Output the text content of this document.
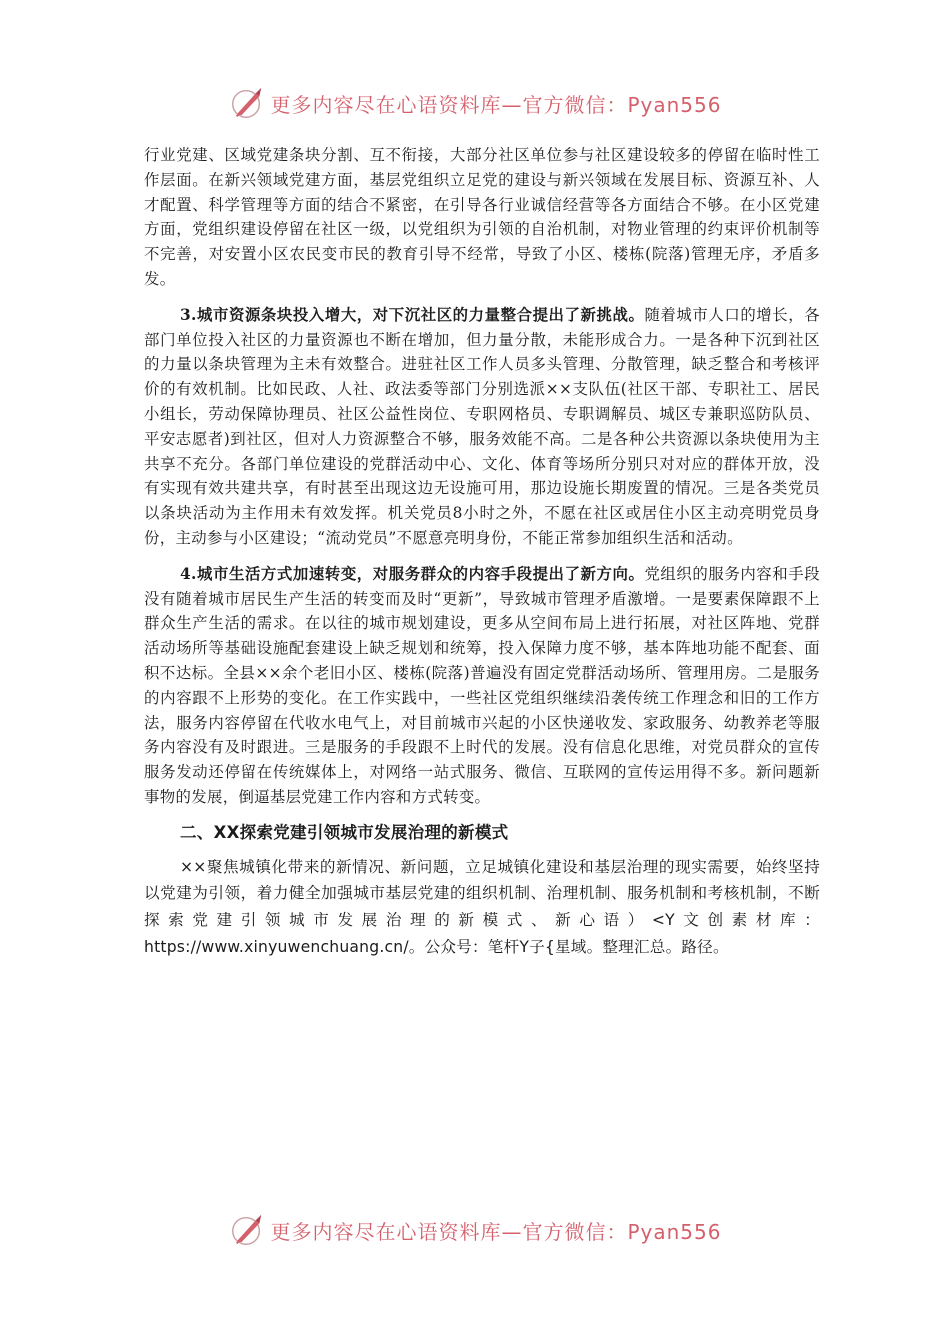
更多内容尽在心语资料库—官方微信：Pyan556

行业党建、区域党建条块分割、互不衔接，大部分社区单位参与社区建设较多的停留在临时性工作层面。在新兴领域党建方面，基层党组织立足党的建设与新兴领域在发展目标、资源互补、人才配置、科学管理等方面的结合不紧密，在引导各行业诚信经营等各方面结合不够。在小区党建方面，党组织建设停留在社区一级，以党组织为引领的自治机制，对物业管理的约束评价机制等不完善，对安置小区农民变市民的教育引导不经常，导致了小区、楼栋(院落)管理无序，矛盾多发。

3.城市资源条块投入增大，对下沉社区的力量整合提出了新挑战。随着城市人口的增长，各部门单位投入社区的力量资源也不断在增加，但力量分散，未能形成合力。一是各种下沉到社区的力量以条块管理为主未有效整合。进驻社区工作人员多头管理、分散管理，缺乏整合和考核评价的有效机制。比如民政、人社、政法委等部门分别选派××支队伍(社区干部、专职社工、居民小组长，劳动保障协理员、社区公益性岗位、专职网格员、专职调解员、城区专兼职巡防队员、平安志愿者)到社区，但对人力资源整合不够，服务效能不高。二是各种公共资源以条块使用为主共享不充分。各部门单位建设的党群活动中心、文化、体育等场所分别只对对应的群体开放，没有实现有效共建共享，有时甚至出现这边无设施可用，那边设施长期废置的情况。三是各类党员以条块活动为主作用未有效发挥。机关党员8小时之外，不愿在社区或居住小区主动亮明党员身份，主动参与小区建设；“流动党员”不愿意亮明身份，不能正常参加组织生活和活动。

4.城市生活方式加速转变，对服务群众的内容手段提出了新方向。党组织的服务内容和手段没有随着城市居民生产生活的转变而及时“更新”，导致城市管理矛盾激增。一是要素保障跟不上群众生产生活的需求。在以往的城市规划建设，更多从空间布局上进行拓展，对社区阵地、党群活动场所等基础设施配套建设上缺乏规划和统筹，投入保障力度不够，基本阵地功能不配套、面积不达标。全县××余个老旧小区、楼栋(院落)普遍没有固定党群活动场所、管理用房。二是服务的内容跟不上形势的变化。在工作实践中，一些社区党组织继续沿袭传统工作理念和旧的工作方法，服务内容停留在代收水电气上，对目前城市兴起的小区快递收发、家政服务、幼教养老等服务内容没有及时跟进。三是服务的手段跟不上时代的发展。没有信息化思维，对党员群众的宣传服务发动还停留在传统媒体上，对网络一站式服务、微信、互联网的宣传运用得不多。新问题新事物的发展，倒逼基层党建工作内容和方式转变。

二、XX探索党建引领城市发展治理的新模式

××聚焦城镇化带来的新情况、新问题，立足城镇化建设和基层治理的现实需要，始终坚持以党建为引领，着力健全加强城市基层党建的组织机制、治理机制、服务机制和考核机制，不断探索党建引领城市发展治理的新模式、新心语）<Y文创素材库：https://www.xinyuwenchuang.cn/。公众号：笔杆Y子{星域。整理汇总。路径。

更多内容尽在心语资料库—官方微信：Pyan556
